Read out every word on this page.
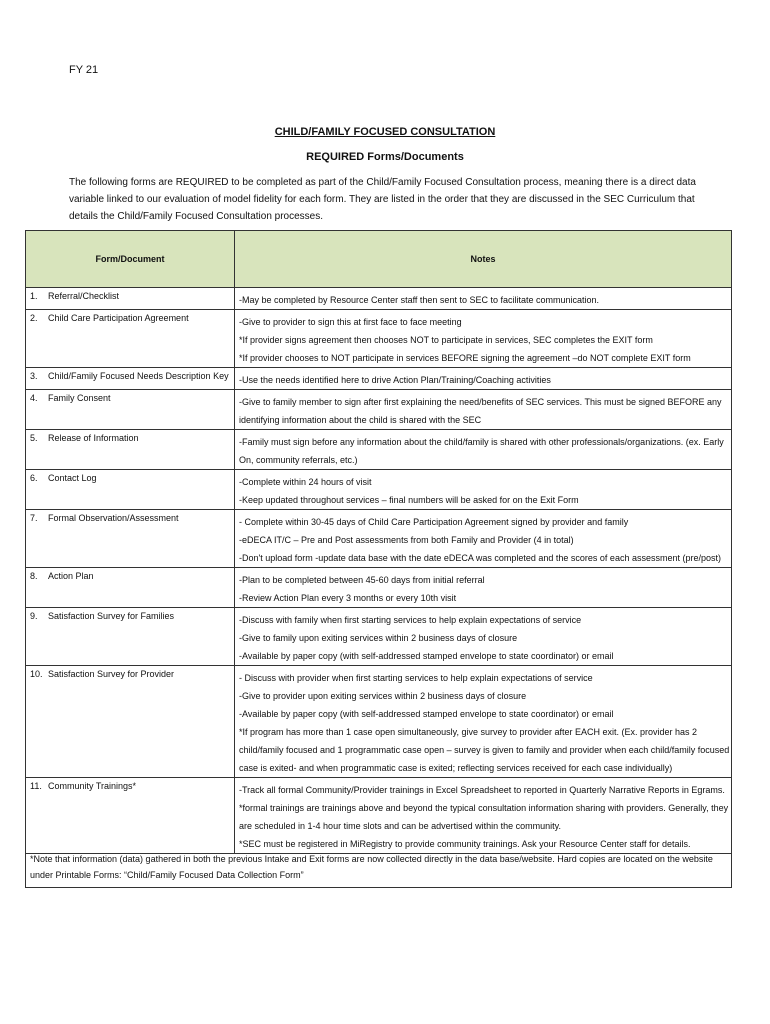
FY 21
CHILD/FAMILY FOCUSED CONSULTATION
REQUIRED Forms/Documents
The following forms are REQUIRED to be completed as part of the Child/Family Focused Consultation process, meaning there is a direct data variable linked to our evaluation of model fidelity for each form. They are listed in the order that they are discussed in the SEC Curriculum that details the Child/Family Focused Consultation processes.
Form/Document	Notes
1. Referral/Checklist	-May be completed by Resource Center staff then sent to SEC to facilitate communication.

2. Child Care Participation Agreement	-Give to provider to sign this at first face to face meeting
*If provider signs agreement then chooses NOT to participate in services, SEC completes the EXIT form
*If provider chooses to NOT participate in services BEFORE signing the agreement –do NOT complete EXIT form

3. Child/Family Focused Needs Description Key	-Use the needs identified here to drive Action Plan/Training/Coaching activities

4. Family Consent	-Give to family member to sign after first explaining the need/benefits of SEC services. This must be signed BEFORE any identifying information about the child is shared with the SEC

5. Release of Information	-Family must sign before any information about the child/family is shared with other professionals/organizations. (ex. Early On, community referrals, etc.)

6. Contact Log	-Complete within 24 hours of visit
-Keep updated throughout services – final numbers will be asked for on the Exit Form

7. Formal Observation/Assessment	- Complete within 30-45 days of Child Care Participation Agreement signed by provider and family
-eDECA IT/C – Pre and Post assessments from both Family and Provider (4 in total)
-Don't upload form -update data base with the date eDECA was completed and the scores of each assessment (pre/post)

8. Action Plan	-Plan to be completed between 45-60 days from initial referral
-Review Action Plan every 3 months or every 10th visit

9. Satisfaction Survey for Families	-Discuss with family when first starting services to help explain expectations of service
-Give to family upon exiting services within 2 business days of closure
-Available by paper copy (with self-addressed stamped envelope to state coordinator) or email

10. Satisfaction Survey for Provider	- Discuss with provider when first starting services to help explain expectations of service
-Give to provider upon exiting services within 2 business days of closure
-Available by paper copy (with self-addressed stamped envelope to state coordinator) or email
*If program has more than 1 case open simultaneously, give survey to provider after EACH exit. (Ex. provider has 2 child/family focused and 1 programmatic case open – survey is given to family and provider when each child/family focused case is exited- and when programmatic case is exited; reflecting services received for each case individually)

11. Community Trainings*	-Track all formal Community/Provider trainings in Excel Spreadsheet to reported in Quarterly Narrative Reports in Egrams.
*formal trainings are trainings above and beyond the typical consultation information sharing with providers. Generally, they are scheduled in 1-4 hour time slots and can be advertised within the community.
*SEC must be registered in MiRegistry to provide community trainings. Ask your Resource Center staff for details.
*Note that information (data) gathered in both the previous Intake and Exit forms are now collected directly in the data base/website. Hard copies are located on the website under Printable Forms: “Child/Family Focused Data Collection Form”
